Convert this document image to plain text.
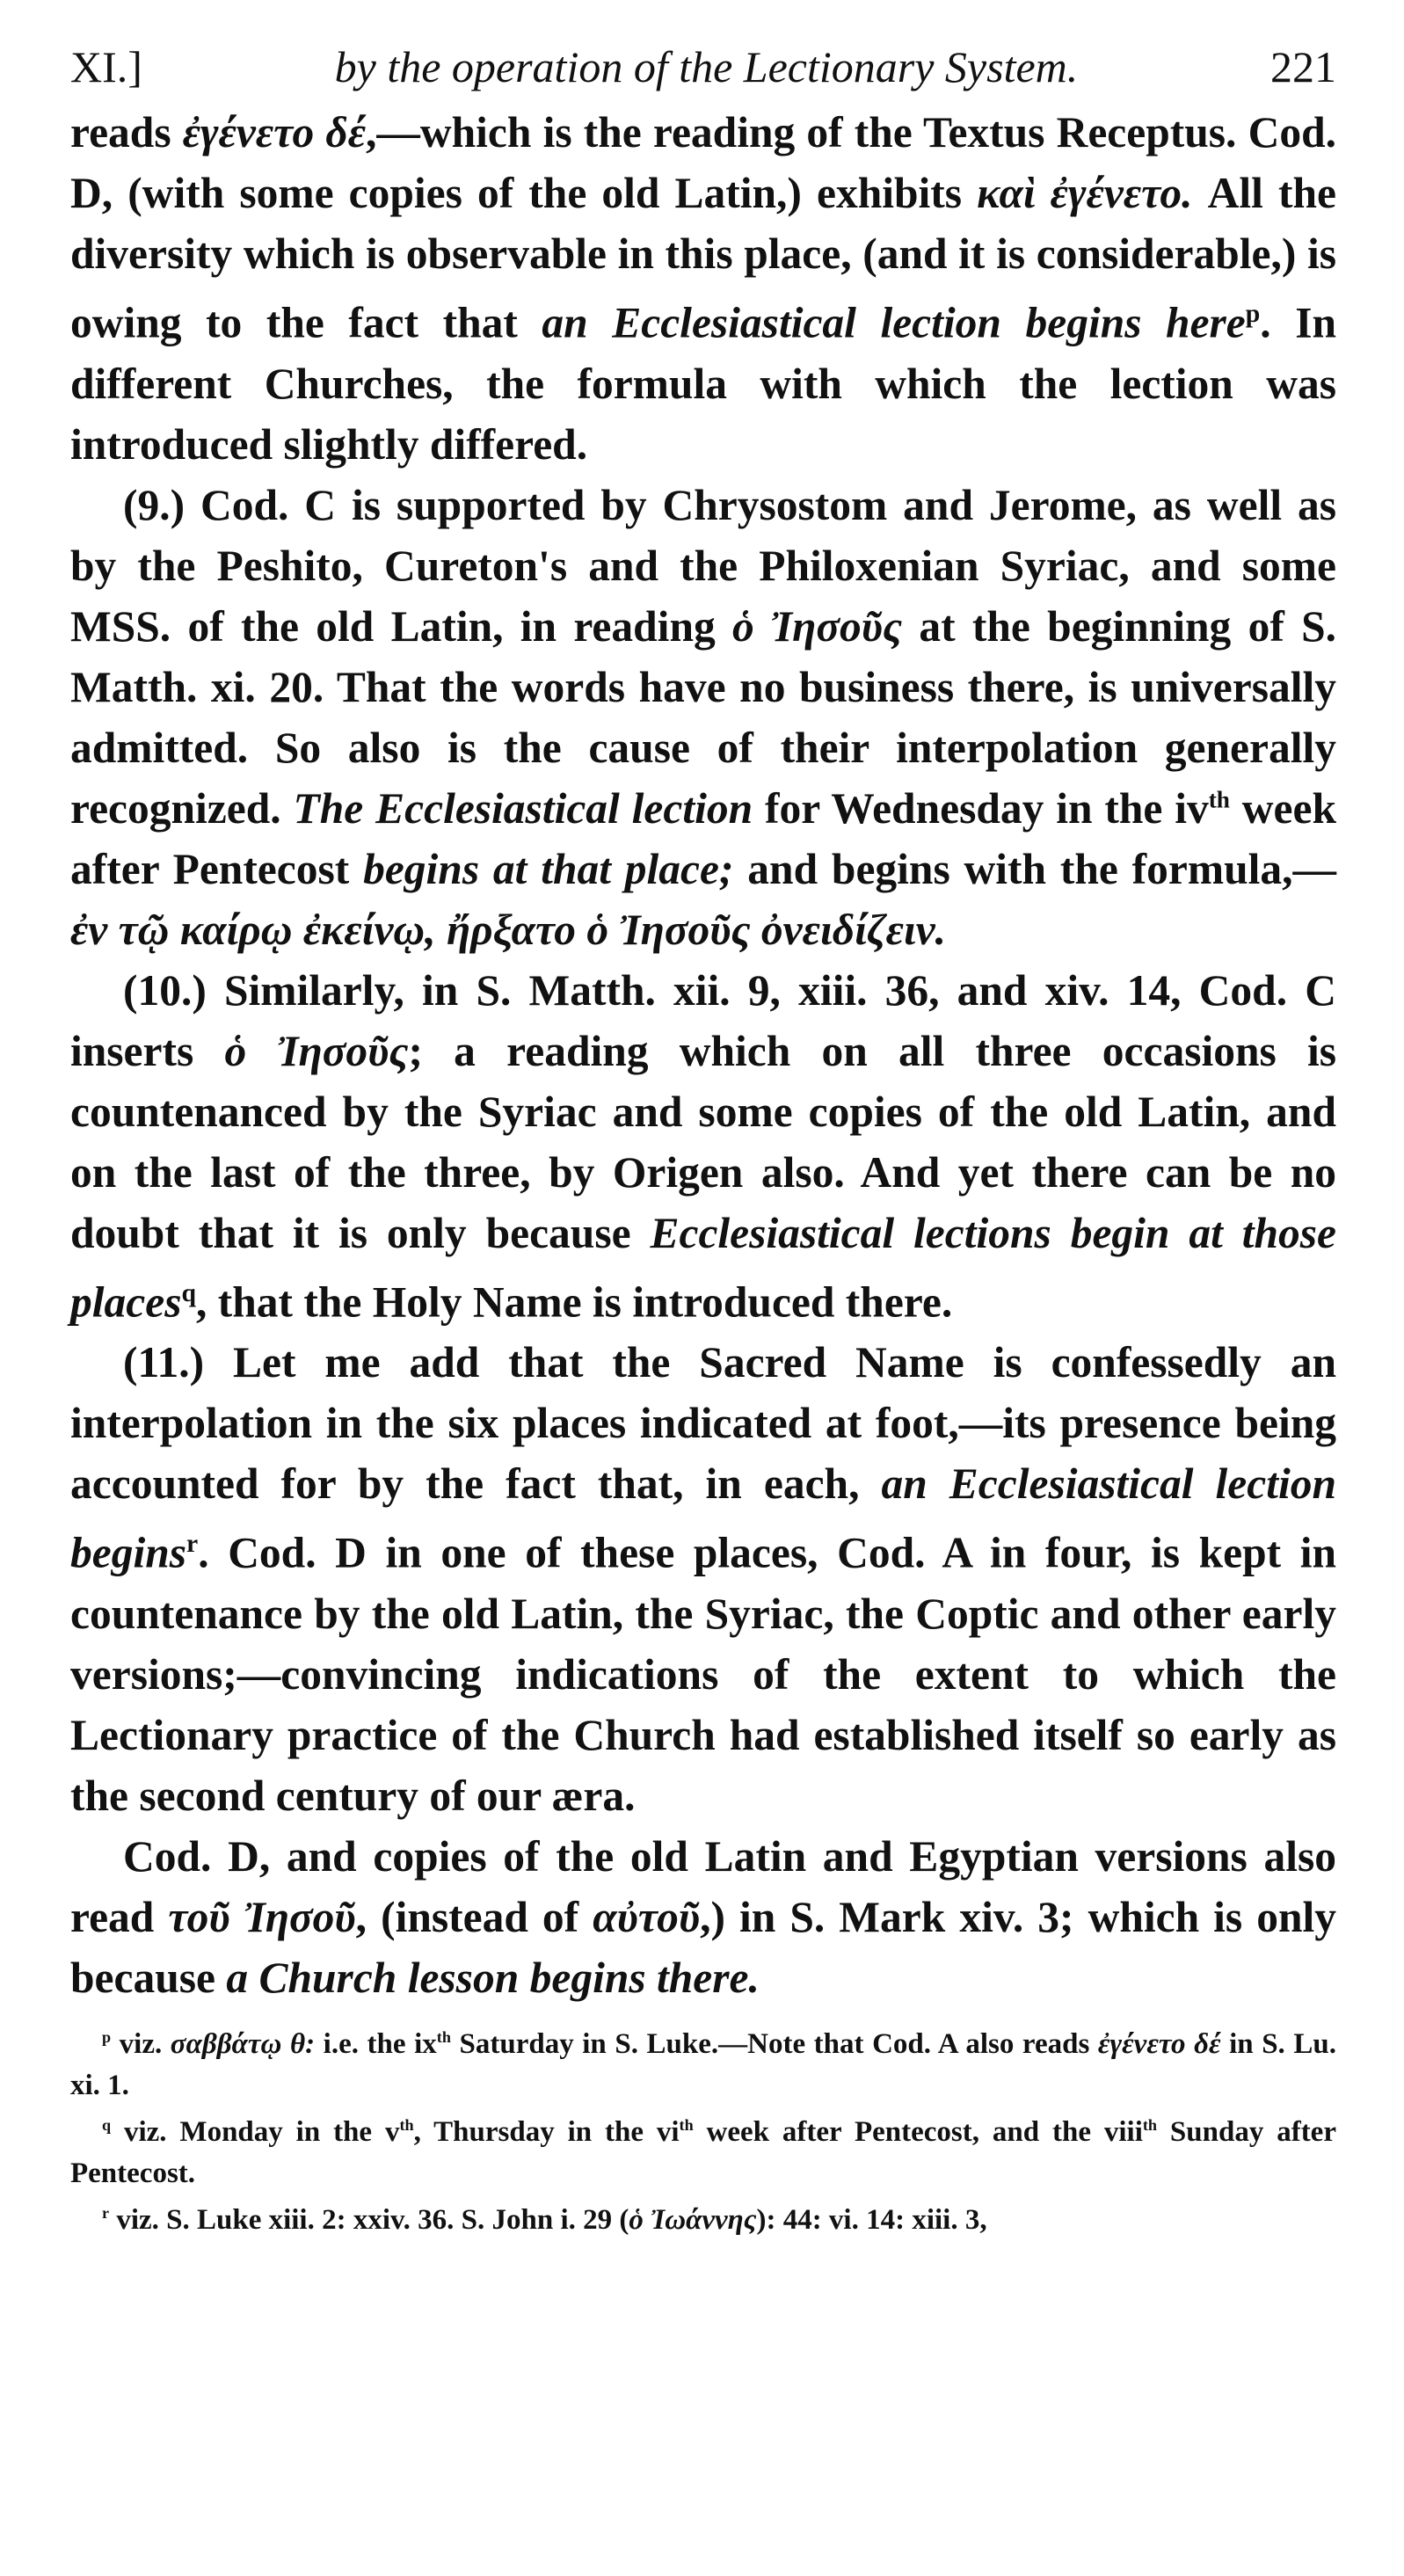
XI.]	by the operation of the Lectionary System.	221

reads ἐγένετο δέ,—which is the reading of the Textus Receptus. Cod. D, (with some copies of the old Latin,) exhibits καὶ ἐγένετο. All the diversity which is observable in this place, (and it is considerable,) is owing to the fact that an Ecclesiastical lection begins here$^p$. In different Churches, the formula with which the lection was introduced slightly differed.

(9.) Cod. C is supported by Chrysostom and Jerome, as well as by the Peshito, Cureton's and the Philoxenian Syriac, and some MSS. of the old Latin, in reading ὁ Ἰησοῦς at the beginning of S. Matth. xi. 20. That the words have no business there, is universally admitted. So also is the cause of their interpolation generally recognized. The Ecclesiastical lection for Wednesday in the $iv^{th}$ week after Pentecost begins at that place; and begins with the formula,—ἐν τῷ καίρῳ ἐκείνῳ, ἤρξατο ὁ Ἰησοῦς ὀνειδίζειν.

(10.) Similarly, in S. Matth. xii. 9, xiii. 36, and xiv. 14, Cod. C inserts ὁ Ἰησοῦς; a reading which on all three occasions is countenanced by the Syriac and some copies of the old Latin, and on the last of the three, by Origen also. And yet there can be no doubt that it is only because Ecclesiastical lections begin at those places$^q$, that the Holy Name is introduced there.

(11.) Let me add that the Sacred Name is confessedly an interpolation in the six places indicated at foot,—its presence being accounted for by the fact that, in each, an Ecclesiastical lection begins$^r$. Cod. D in one of these places, Cod. A in four, is kept in countenance by the old Latin, the Syriac, the Coptic and other early versions;—convincing indications of the extent to which the Lectionary practice of the Church had established itself so early as the second century of our æra.

Cod. D, and copies of the old Latin and Egyptian versions also read τοῦ Ἰησοῦ, (instead of αὐτοῦ,) in S. Mark xiv. 3; which is only because a Church lesson begins there.

$^p$ viz. σαββάτῳ θ: i.e. the $ix^{th}$ Saturday in S. Luke.—Note that Cod. A also reads ἐγένετο δέ in S. Lu. xi. 1.

$^q$ viz. Monday in the $v^{th}$, Thursday in the $vi^{th}$ week after Pentecost, and the viii$^{th}$ Sunday after Pentecost.

$^r$ viz. S. Luke xiii. 2: xxiv. 36. S. John i. 29 (ὁ Ἰωάννης): 44: vi. 14: xiii. 3,
